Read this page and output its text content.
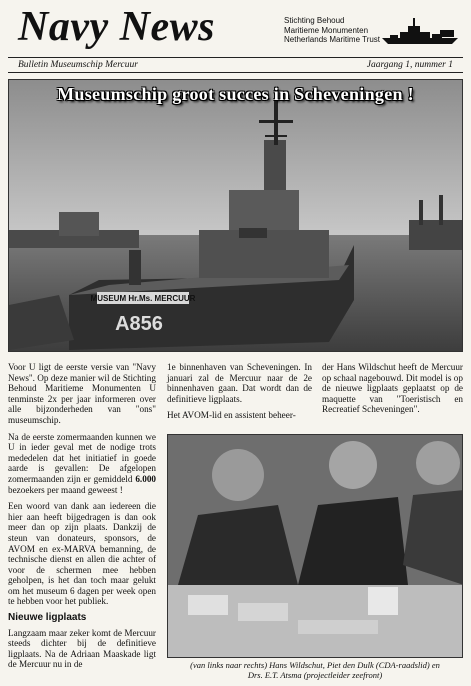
Navy News	Stichting Behoud
Maritieme Monumenten
Netherlands Maritime Trust
Bulletin Museumschip Mercuur	Jaargang 1, nummer 1
MUSEUM Hr.Ms. MERCUUR
A856
Museumschip groot succes in Scheveningen !

Voor U ligt de eerste versie van "Navy News". Op deze manier wil de Stichting Behoud Maritieme Monumenten U tenminste 2x per jaar informeren over alle bijzonderheden van "ons" museumschip.

Na de eerste zomermaanden kunnen we U in ieder geval met de nodige trots mededelen dat het initiatief in goede aarde is gevallen: De afgelopen zomermaanden zijn er gemiddeld 6.000 bezoekers per maand geweest !

Een woord van dank aan iedereen die hier aan heeft bijgedragen is dan ook meer dan op zijn plaats. Dankzij de steun van donateurs, sponsors, de AVOM en ex-MARVA bemanning, de technische dienst en allen die achter of voor de schermen mee hebben geholpen, is het dan toch maar gelukt om het museum 6 dagen per week open te hebben voor het publiek.

Nieuwe ligplaats

Langzaam maar zeker komt de Mercuur steeds dichter bij de definitieve ligplaats. Na de Adriaan Maaskade ligt de Mercuur nu in de

1e binnenhaven van Scheveningen. In januari zal de Mercuur naar de 2e binnenhaven gaan. Dat wordt dan de definitieve ligplaats.

Het AVOM-lid en assistent beheer-

der Hans Wildschut heeft de Mercuur op schaal nagebouwd. Dit model is op de nieuwe ligplaats geplaatst op de maquette van "Toeristisch en Recreatief Scheveningen".

(van links naar rechts) Hans Wildschut, Piet den Dulk (CDA-raadslid) en
Drs. E.T. Atsma (projectleider zeefront)
